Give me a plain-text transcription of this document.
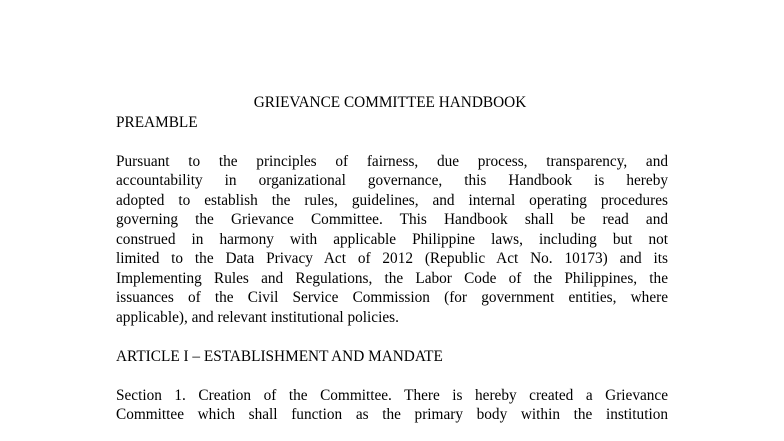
GRIEVANCE COMMITTEE HANDBOOK
PREAMBLE
Pursuant to the principles of fairness, due process, transparency, and
accountability in organizational governance, this Handbook is hereby
adopted to establish the rules, guidelines, and internal operating procedures
governing the Grievance Committee. This Handbook shall be read and
construed in harmony with applicable Philippine laws, including but not
limited to the Data Privacy Act of 2012 (Republic Act No. 10173) and its
Implementing Rules and Regulations, the Labor Code of the Philippines, the
issuances of the Civil Service Commission (for government entities, where
applicable), and relevant institutional policies.
ARTICLE I – ESTABLISHMENT AND MANDATE
Section 1. Creation of the Committee. There is hereby created a Grievance
Committee which shall function as the primary body within the institution
